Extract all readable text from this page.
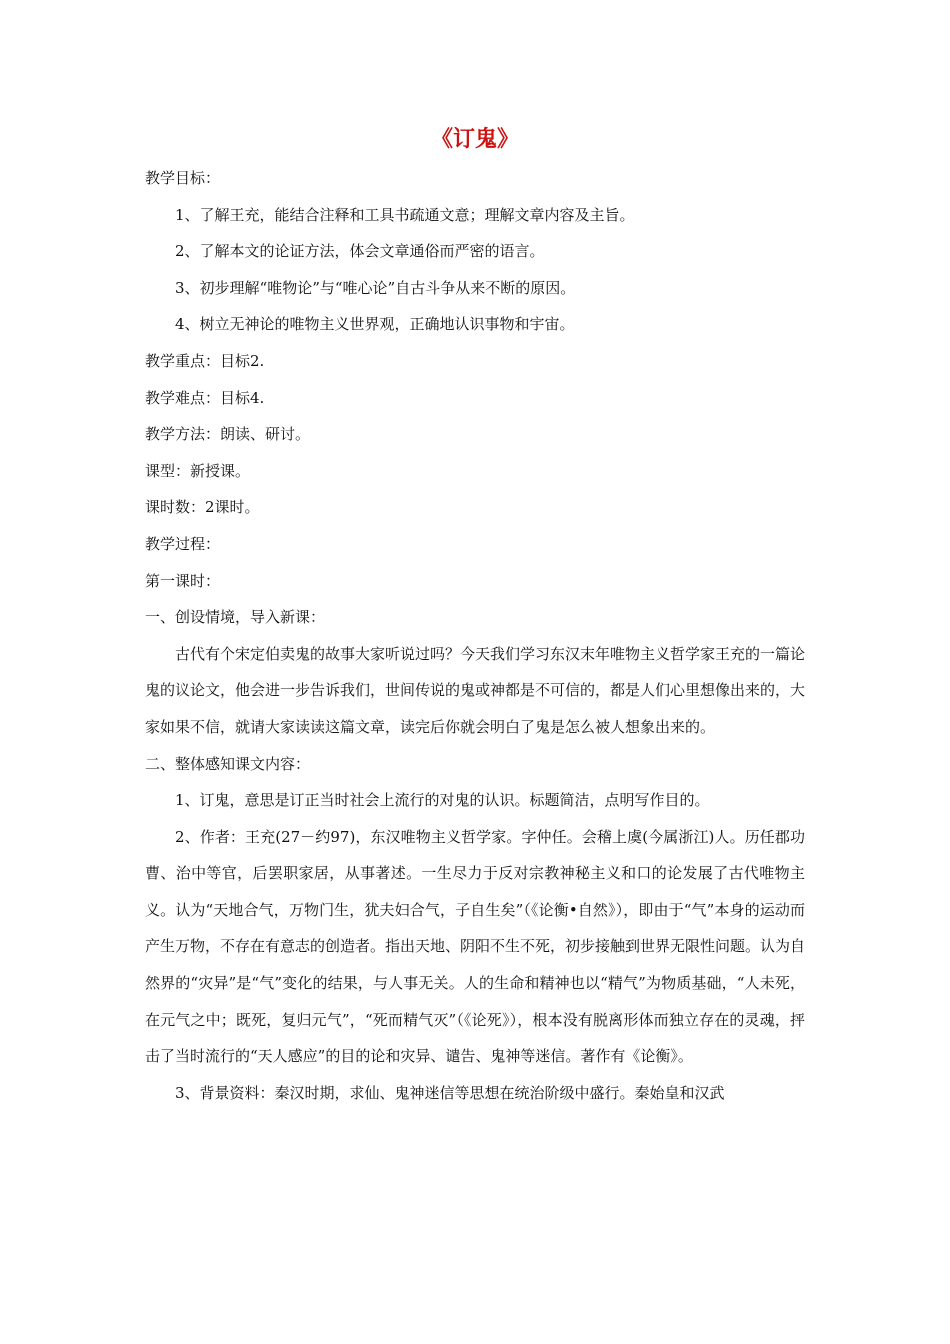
《订鬼》
教学目标：
1、了解王充，能结合注释和工具书疏通文意；理解文章内容及主旨。
2、了解本文的论证方法，体会文章通俗而严密的语言。
3、初步理解“唯物论”与“唯心论”自古斗争从来不断的原因。
4、树立无神论的唯物主义世界观，正确地认识事物和宇宙。
教学重点：目标2.
教学难点：目标4.
教学方法：朗读、研讨。
课型：新授课。
课时数：2课时。
教学过程：
第一课时：
一、创设情境，导入新课：

古代有个宋定伯卖鬼的故事大家听说过吗？今天我们学习东汉末年唯物主义哲学家王充的一篇论鬼的议论文，他会进一步告诉我们，世间传说的鬼或神都是不可信的，都是人们心里想像出来的，大家如果不信，就请大家读读这篇文章，读完后你就会明白了鬼是怎么被人想象出来的。

二、整体感知课文内容：

1、订鬼，意思是订正当时社会上流行的对鬼的认识。标题简洁，点明写作目的。

2、作者：王充(27－约97)，东汉唯物主义哲学家。字仲任。会稽上虞(今属浙江)人。历任郡功曹、治中等官，后罢职家居，从事著述。一生尽力于反对宗教神秘主义和口的论发展了古代唯物主义。认为“天地合气，万物门生，犹夫妇合气，子自生矣”（《论衡•自然》），即由于“气”本身的运动而产生万物，不存在有意志的创造者。指出天地、阴阳不生不死，初步接触到世界无限性问题。认为自然界的“灾异”是“气”变化的结果，与人事无关。人的生命和精神也以“精气”为物质基础，“人未死，在元气之中；既死，复归元气”，“死而精气灭”（《论死》），根本没有脱离形体而独立存在的灵魂，抨击了当时流行的“天人感应”的目的论和灾异、谴告、鬼神等迷信。著作有《论衡》。

3、背景资料：秦汉时期，求仙、鬼神迷信等思想在统治阶级中盛行。秦始皇和汉武
